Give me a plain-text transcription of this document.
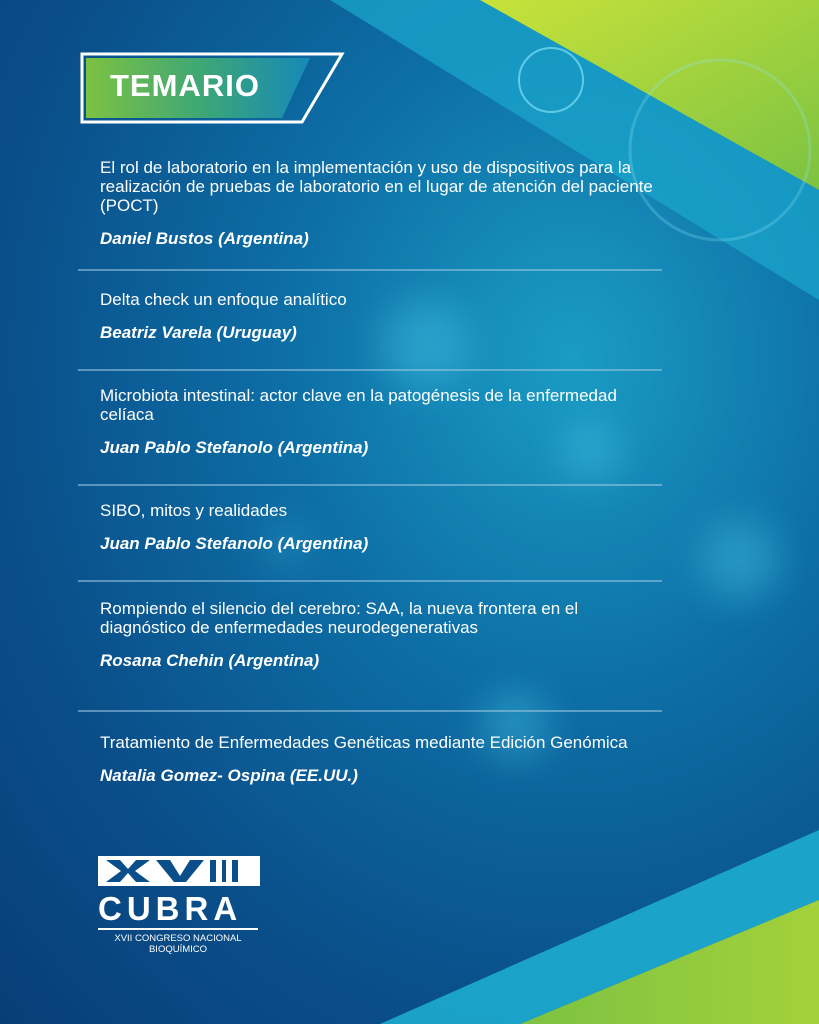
TEMARIO
El rol de laboratorio en la implementación y uso de dispositivos para la realización de pruebas de laboratorio en el lugar de atención del paciente (POCT)
Daniel Bustos (Argentina)
Delta check un enfoque analítico
Beatriz Varela (Uruguay)
Microbiota intestinal: actor clave en la patogénesis de la enfermedad celíaca
Juan Pablo Stefanolo (Argentina)
SIBO, mitos y realidades
Juan Pablo Stefanolo (Argentina)
Rompiendo el silencio del cerebro: SAA, la nueva frontera en el diagnóstico de enfermedades neurodegenerativas
Rosana Chehin (Argentina)
Tratamiento de Enfermedades Genéticas mediante Edición Genómica
Natalia Gomez- Ospina (EE.UU.)
CUBRA
XVII CONGRESO NACIONAL
BIOQUÍMICO
